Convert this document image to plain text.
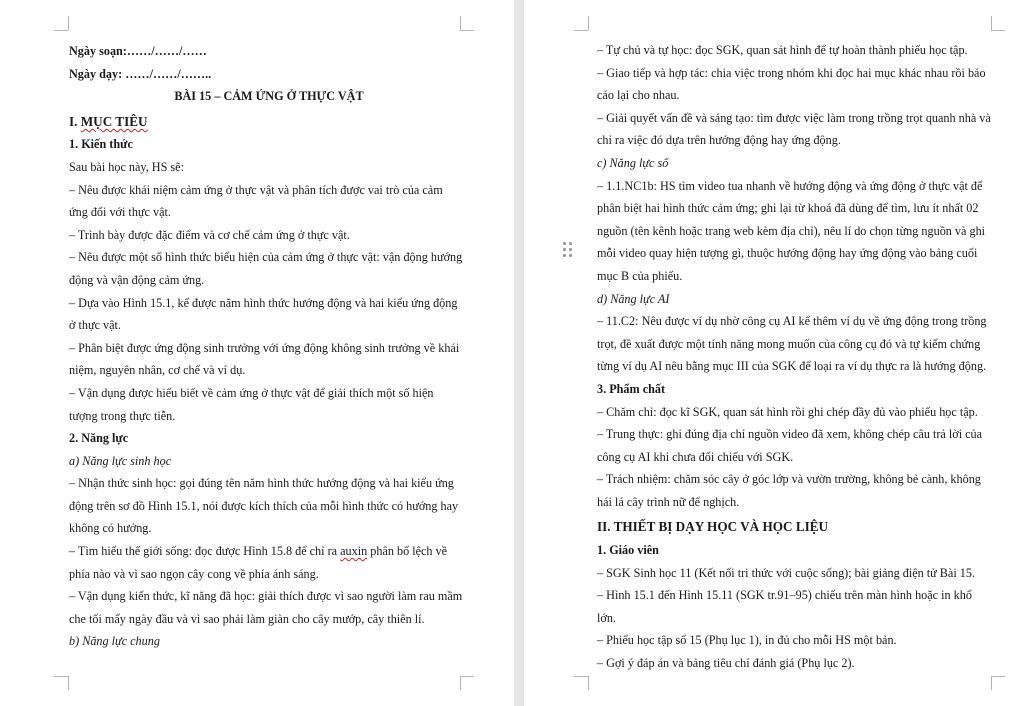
Ngày soạn:……/……/……
Ngày dạy: ……/……/……..
BÀI 15 – CẢM ỨNG Ở THỰC VẬT
I. MỤC TIÊU
1. Kiến thức
Sau bài học này, HS sẽ:
– Nêu được khái niệm cảm ứng ở thực vật và phân tích được vai trò của cảm
ứng đối với thực vật.
– Trình bày được đặc điểm và cơ chế cảm ứng ở thực vật.
– Nêu được một số hình thức biểu hiện của cảm ứng ở thực vật: vận động hướng
động và vận động cảm ứng.
– Dựa vào Hình 15.1, kể được năm hình thức hướng động và hai kiểu ứng động
ở thực vật.
– Phân biệt được ứng động sinh trưởng với ứng động không sinh trưởng về khái
niệm, nguyên nhân, cơ chế và ví dụ.
– Vận dụng được hiểu biết về cảm ứng ở thực vật để giải thích một số hiện
tượng trong thực tiễn.
2. Năng lực
a) Năng lực sinh học
– Nhận thức sinh học: gọi đúng tên năm hình thức hướng động và hai kiểu ứng
động trên sơ đồ Hình 15.1, nói được kích thích của mỗi hình thức có hướng hay
không có hướng.
– Tìm hiểu thế giới sống: đọc được Hình 15.8 để chỉ ra auxin phân bố lệch về
phía nào và vì sao ngọn cây cong về phía ánh sáng.
– Vận dụng kiến thức, kĩ năng đã học: giải thích được vì sao người làm rau mầm
che tối mấy ngày đầu và vì sao phải làm giàn cho cây mướp, cây thiên lí.
b) Năng lực chung
– Tự chủ và tự học: đọc SGK, quan sát hình để tự hoàn thành phiếu học tập.
– Giao tiếp và hợp tác: chia việc trong nhóm khi đọc hai mục khác nhau rồi báo
cáo lại cho nhau.
– Giải quyết vấn đề và sáng tạo: tìm được việc làm trong trồng trọt quanh nhà và
chỉ ra việc đó dựa trên hướng động hay ứng động.
c) Năng lực số
– 1.1.NC1b: HS tìm video tua nhanh về hướng động và ứng động ở thực vật để
phân biệt hai hình thức cảm ứng; ghi lại từ khoá đã dùng để tìm, lưu ít nhất 02
nguồn (tên kênh hoặc trang web kèm địa chỉ), nêu lí do chọn từng nguồn và ghi
mỗi video quay hiện tượng gì, thuộc hướng động hay ứng động vào bảng cuối
mục B của phiếu.
d) Năng lực AI
– 11.C2: Nêu được ví dụ nhờ công cụ AI kể thêm ví dụ về ứng động trong trồng
trọt, đề xuất được một tính năng mong muốn của công cụ đó và tự kiểm chứng
từng ví dụ AI nêu bằng mục III của SGK để loại ra ví dụ thực ra là hướng động.
3. Phẩm chất
– Chăm chỉ: đọc kĩ SGK, quan sát hình rồi ghi chép đầy đủ vào phiếu học tập.
– Trung thực: ghi đúng địa chỉ nguồn video đã xem, không chép câu trả lời của
công cụ AI khi chưa đối chiếu với SGK.
– Trách nhiệm: chăm sóc cây ở góc lớp và vườn trường, không bẻ cành, không
hái lá cây trình nữ để nghịch.
II. THIẾT BỊ DẠY HỌC VÀ HỌC LIỆU
1. Giáo viên
– SGK Sinh học 11 (Kết nối tri thức với cuộc sống); bài giảng điện tử Bài 15.
– Hình 15.1 đến Hình 15.11 (SGK tr.91–95) chiếu trên màn hình hoặc in khổ
lớn.
– Phiếu học tập số 15 (Phụ lục 1), in đủ cho mỗi HS một bản.
– Gợi ý đáp án và bảng tiêu chí đánh giá (Phụ lục 2).
